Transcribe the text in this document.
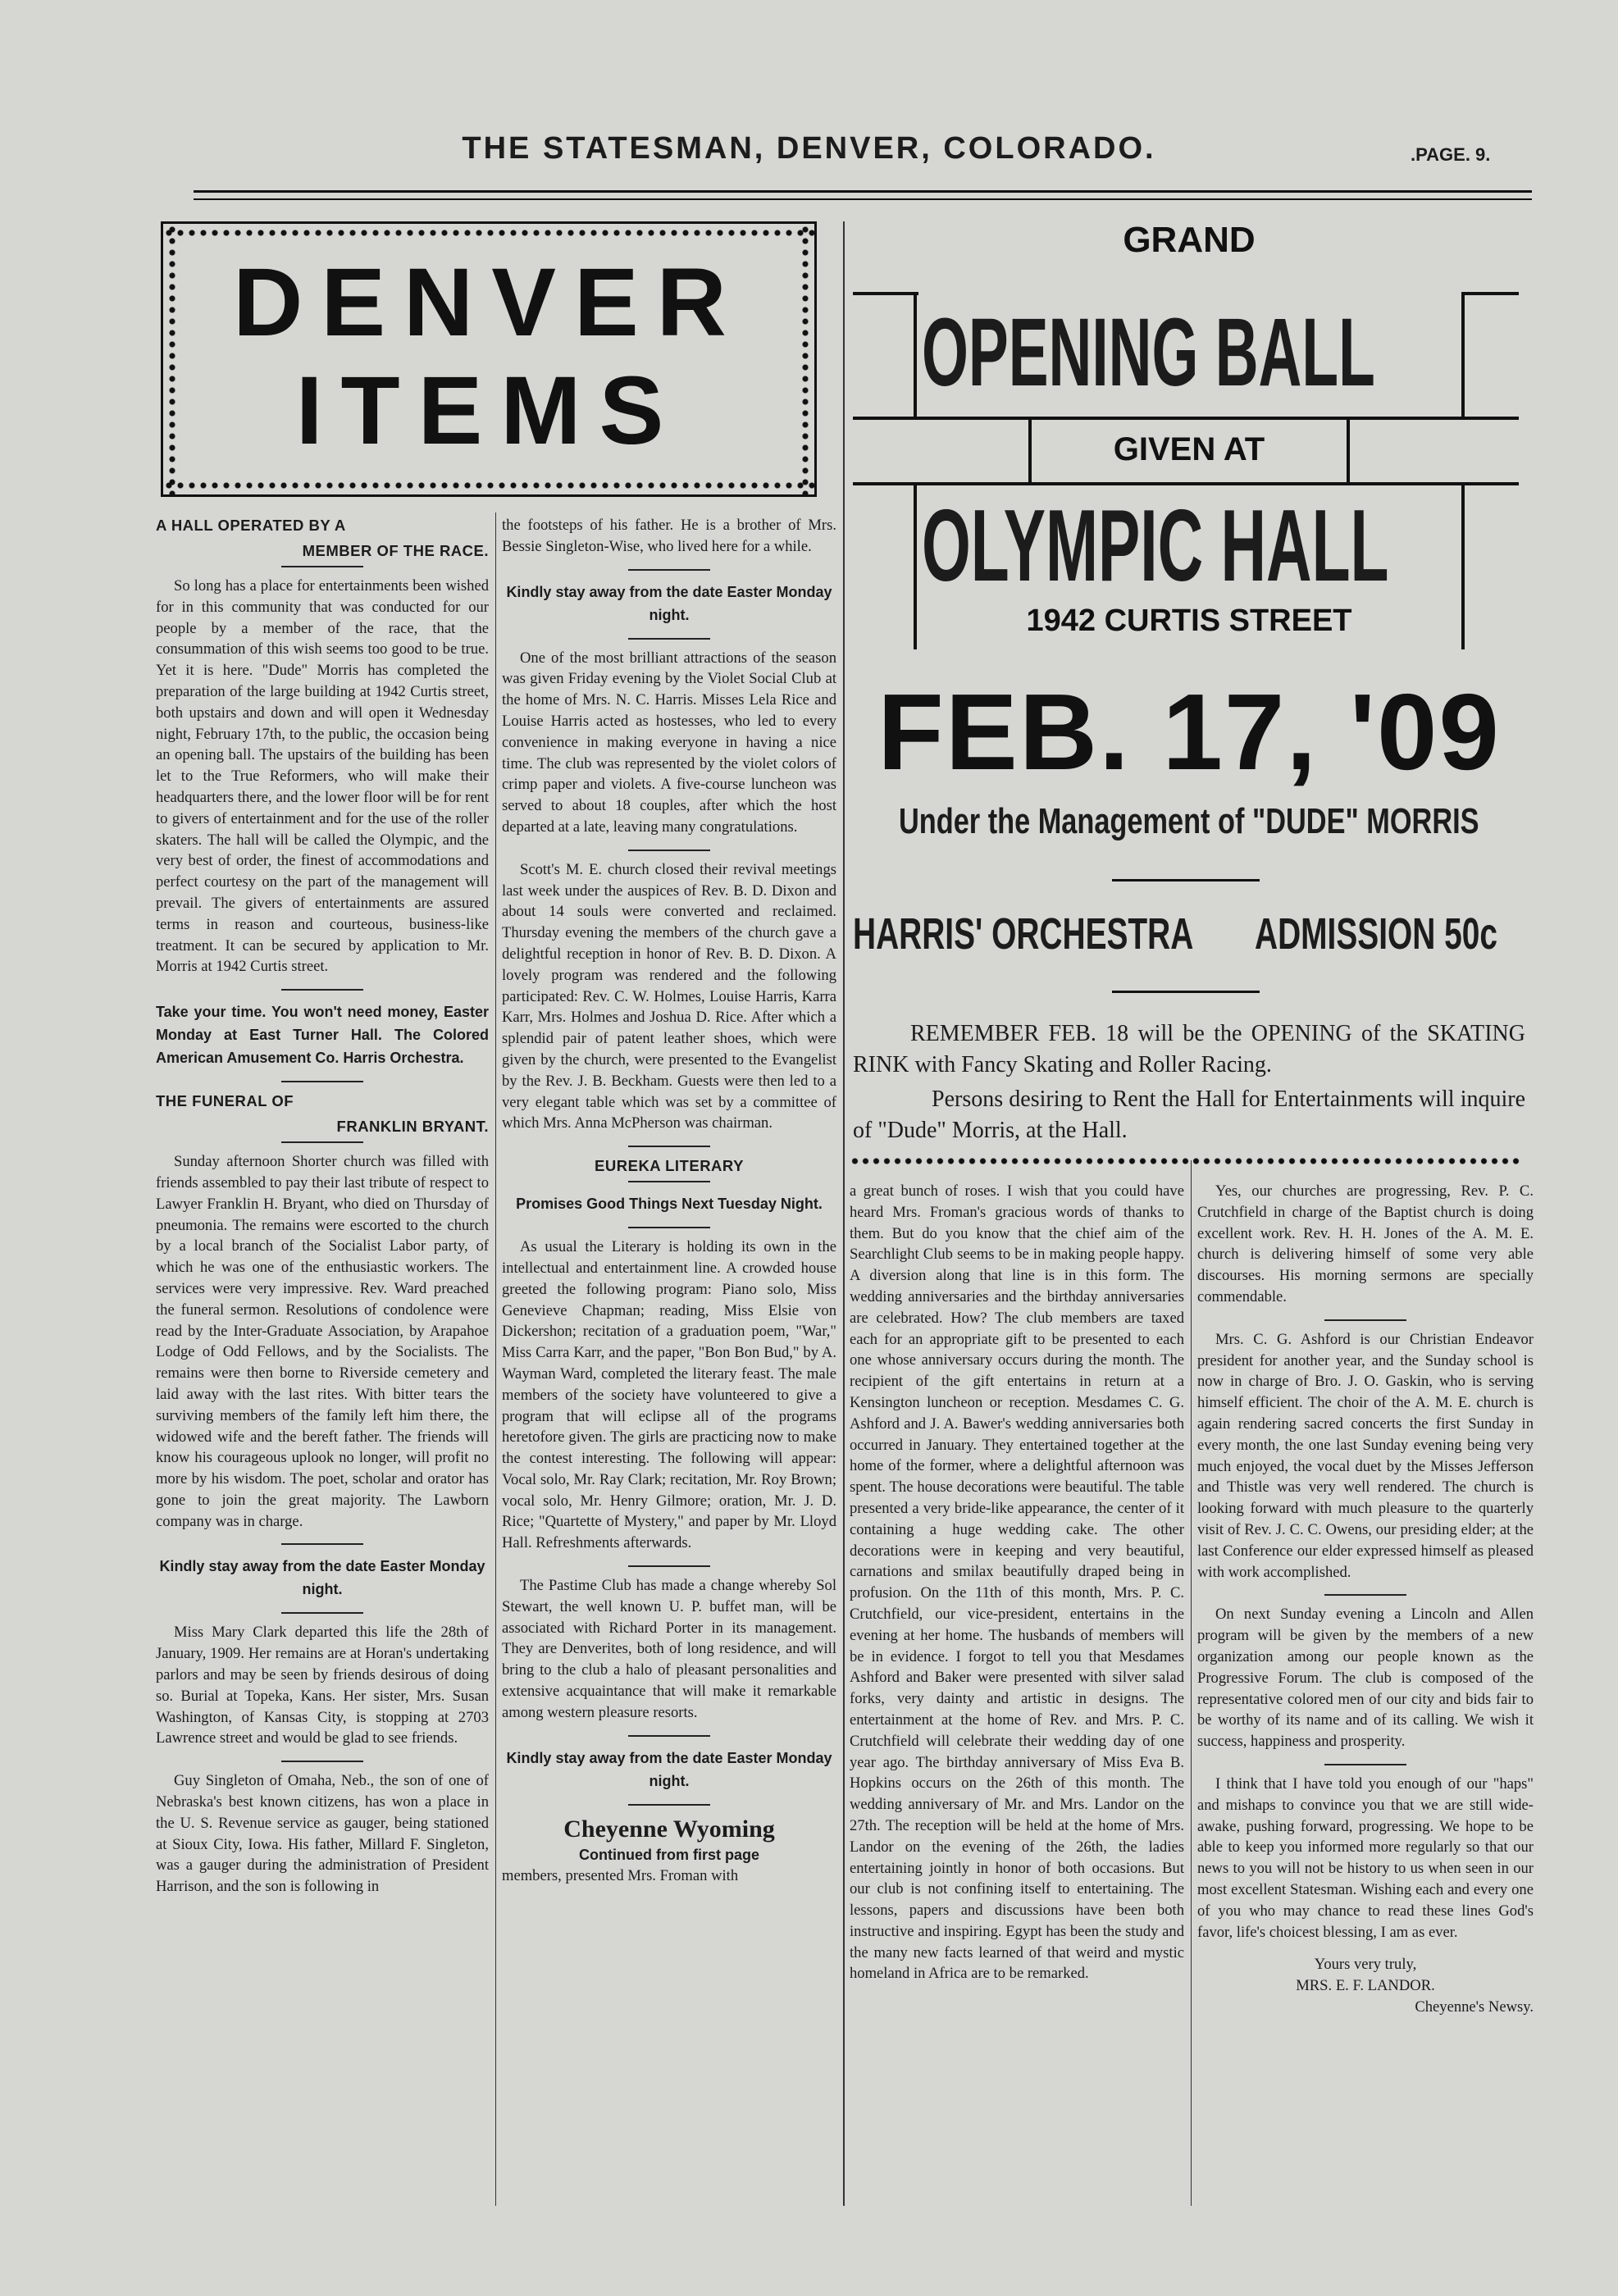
THE STATESMAN, DENVER, COLORADO.	.PAGE. 9.
DENVER
ITEMS
A HALL OPERATED BY A
MEMBER OF THE RACE.

So long has a place for entertainments been wished for in this community that was conducted for our people by a member of the race, that the consummation of this wish seems too good to be true. Yet it is here. "Dude" Morris has completed the preparation of the large building at 1942 Curtis street, both upstairs and down and will open it Wednesday night, February 17th, to the public, the occasion being an opening ball. The upstairs of the building has been let to the True Reformers, who will make their headquarters there, and the lower floor will be for rent to givers of entertainment and for the use of the roller skaters. The hall will be called the Olympic, and the very best of order, the finest of accommodations and perfect courtesy on the part of the management will prevail. The givers of entertainments are assured terms in reason and courteous, business-like treatment. It can be secured by application to Mr. Morris at 1942 Curtis street.

Take your time. You won't need money, Easter Monday at East Turner Hall. The Colored American Amusement Co. Harris Orchestra.
THE FUNERAL OF
FRANKLIN BRYANT.

Sunday afternoon Shorter church was filled with friends assembled to pay their last tribute of respect to Lawyer Franklin H. Bryant, who died on Thursday of pneumonia. The remains were escorted to the church by a local branch of the Socialist Labor party, of which he was one of the enthusiastic workers. The services were very impressive. Rev. Ward preached the funeral sermon. Resolutions of condolence were read by the Inter-Graduate Association, by Arapahoe Lodge of Odd Fellows, and by the Socialists. The remains were then borne to Riverside cemetery and laid away with the last rites. With bitter tears the surviving members of the family left him there, the widowed wife and the bereft father. The friends will know his courageous uplook no longer, will profit no more by his wisdom. The poet, scholar and orator has gone to join the great majority. The Lawborn company was in charge.

Kindly stay away from the date Easter Monday night.

Miss Mary Clark departed this life the 28th of January, 1909. Her remains are at Horan's undertaking parlors and may be seen by friends desirous of doing so. Burial at Topeka, Kans. Her sister, Mrs. Susan Washington, of Kansas City, is stopping at 2703 Lawrence street and would be glad to see friends.

Guy Singleton of Omaha, Neb., the son of one of Nebraska's best known citizens, has won a place in the U. S. Revenue service as gauger, being stationed at Sioux City, Iowa. His father, Millard F. Singleton, was a gauger during the administration of President Harrison, and the son is following in

the footsteps of his father. He is a brother of Mrs. Bessie Singleton-Wise, who lived here for a while.

Kindly stay away from the date Easter Monday night.

One of the most brilliant attractions of the season was given Friday evening by the Violet Social Club at the home of Mrs. N. C. Harris. Misses Lela Rice and Louise Harris acted as hostesses, who led to every convenience in making everyone in having a nice time. The club was represented by the violet colors of crimp paper and violets. A five-course luncheon was served to about 18 couples, after which the host departed at a late, leaving many congratulations.

Scott's M. E. church closed their revival meetings last week under the auspices of Rev. B. D. Dixon and about 14 souls were converted and reclaimed. Thursday evening the members of the church gave a delightful reception in honor of Rev. B. D. Dixon. A lovely program was rendered and the following participated: Rev. C. W. Holmes, Louise Harris, Karra Karr, Mrs. Holmes and Joshua D. Rice. After which a splendid pair of patent leather shoes, which were given by the church, were presented to the Evangelist by the Rev. J. B. Beckham. Guests were then led to a very elegant table which was set by a committee of which Mrs. Anna McPherson was chairman.

EUREKA LITERARY
Promises Good Things Next Tuesday Night.

As usual the Literary is holding its own in the intellectual and entertainment line. A crowded house greeted the following program: Piano solo, Miss Genevieve Chapman; reading, Miss Elsie von Dickershon; recitation of a graduation poem, "War," Miss Carra Karr, and the paper, "Bon Bon Bud," by A. Wayman Ward, completed the literary feast. The male members of the society have volunteered to give a program that will eclipse all of the programs heretofore given. The girls are practicing now to make the contest interesting. The following will appear: Vocal solo, Mr. Ray Clark; recitation, Mr. Roy Brown; vocal solo, Mr. Henry Gilmore; oration, Mr. J. D. Rice; "Quartette of Mystery," and paper by Mr. Lloyd Hall. Refreshments afterwards.

The Pastime Club has made a change whereby Sol Stewart, the well known U. P. buffet man, will be associated with Richard Porter in its management. They are Denverites, both of long residence, and will bring to the club a halo of pleasant personalities and extensive acquaintance that will make it remarkable among western pleasure resorts.

Kindly stay away from the date Easter Monday night.
Cheyenne Wyoming
Continued from first page

members, presented Mrs. Froman with

GRAND
OPENING BALL
GIVEN AT
OLYMPIC HALL
1942 CURTIS STREET
FEB. 17, '09
Under the Management of "DUDE" MORRIS
HARRIS' ORCHESTRA ADMISSION 50c
REMEMBER FEB. 18 will be the OPENING of the SKATING RINK with Fancy Skating and Roller Racing.
Persons desiring to Rent the Hall for Entertainments will inquire of "Dude" Morris, at the Hall.

a great bunch of roses. I wish that you could have heard Mrs. Froman's gracious words of thanks to them. But do you know that the chief aim of the Searchlight Club seems to be in making people happy. A diversion along that line is in this form. The wedding anniversaries and the birthday anniversaries are celebrated. How? The club members are taxed each for an appropriate gift to be presented to each one whose anniversary occurs during the month. The recipient of the gift entertains in return at a Kensington luncheon or reception. Mesdames C. G. Ashford and J. A. Bawer's wedding anniversaries both occurred in January. They entertained together at the home of the former, where a delightful afternoon was spent. The house decorations were beautiful. The table presented a very bride-like appearance, the center of it containing a huge wedding cake. The other decorations were in keeping and very beautiful, carnations and smilax beautifully draped being in profusion. On the 11th of this month, Mrs. P. C. Crutchfield, our vice-president, entertains in the evening at her home. The husbands of members will be in evidence. I forgot to tell you that Mesdames Ashford and Baker were presented with silver salad forks, very dainty and artistic in designs. The entertainment at the home of Rev. and Mrs. P. C. Crutchfield will celebrate their wedding day of one year ago. The birthday anniversary of Miss Eva B. Hopkins occurs on the 26th of this month. The wedding anniversary of Mr. and Mrs. Landor on the 27th. The reception will be held at the home of Mrs. Landor on the evening of the 26th, the ladies entertaining jointly in honor of both occasions. But our club is not confining itself to entertaining. The lessons, papers and discussions have been both instructive and inspiring. Egypt has been the study and the many new facts learned of that weird and mystic homeland in Africa are to be remarked.

Yes, our churches are progressing, Rev. P. C. Crutchfield in charge of the Baptist church is doing excellent work. Rev. H. H. Jones of the A. M. E. church is delivering himself of some very able discourses. His morning sermons are specially commendable.

Mrs. C. G. Ashford is our Christian Endeavor president for another year, and the Sunday school is now in charge of Bro. J. O. Gaskin, who is serving himself efficient. The choir of the A. M. E. church is again rendering sacred concerts the first Sunday in every month, the one last Sunday evening being very much enjoyed, the vocal duet by the Misses Jefferson and Thistle was very well rendered. The church is looking forward with much pleasure to the quarterly visit of Rev. J. C. C. Owens, our presiding elder; at the last Conference our elder expressed himself as pleased with work accomplished.

On next Sunday evening a Lincoln and Allen program will be given by the members of a new organization among our people known as the Progressive Forum. The club is composed of the representative colored men of our city and bids fair to be worthy of its name and of its calling. We wish it success, happiness and prosperity.

I think that I have told you enough of our "haps" and mishaps to convince you that we are still wide-awake, pushing forward, progressing. We hope to be able to keep you informed more regularly so that our news to you will not be history to us when seen in our most excellent Statesman. Wishing each and every one of you who may chance to read these lines God's favor, life's choicest blessing, I am as ever.

Yours very truly,

MRS. E. F. LANDOR.

Cheyenne's Newsy.
